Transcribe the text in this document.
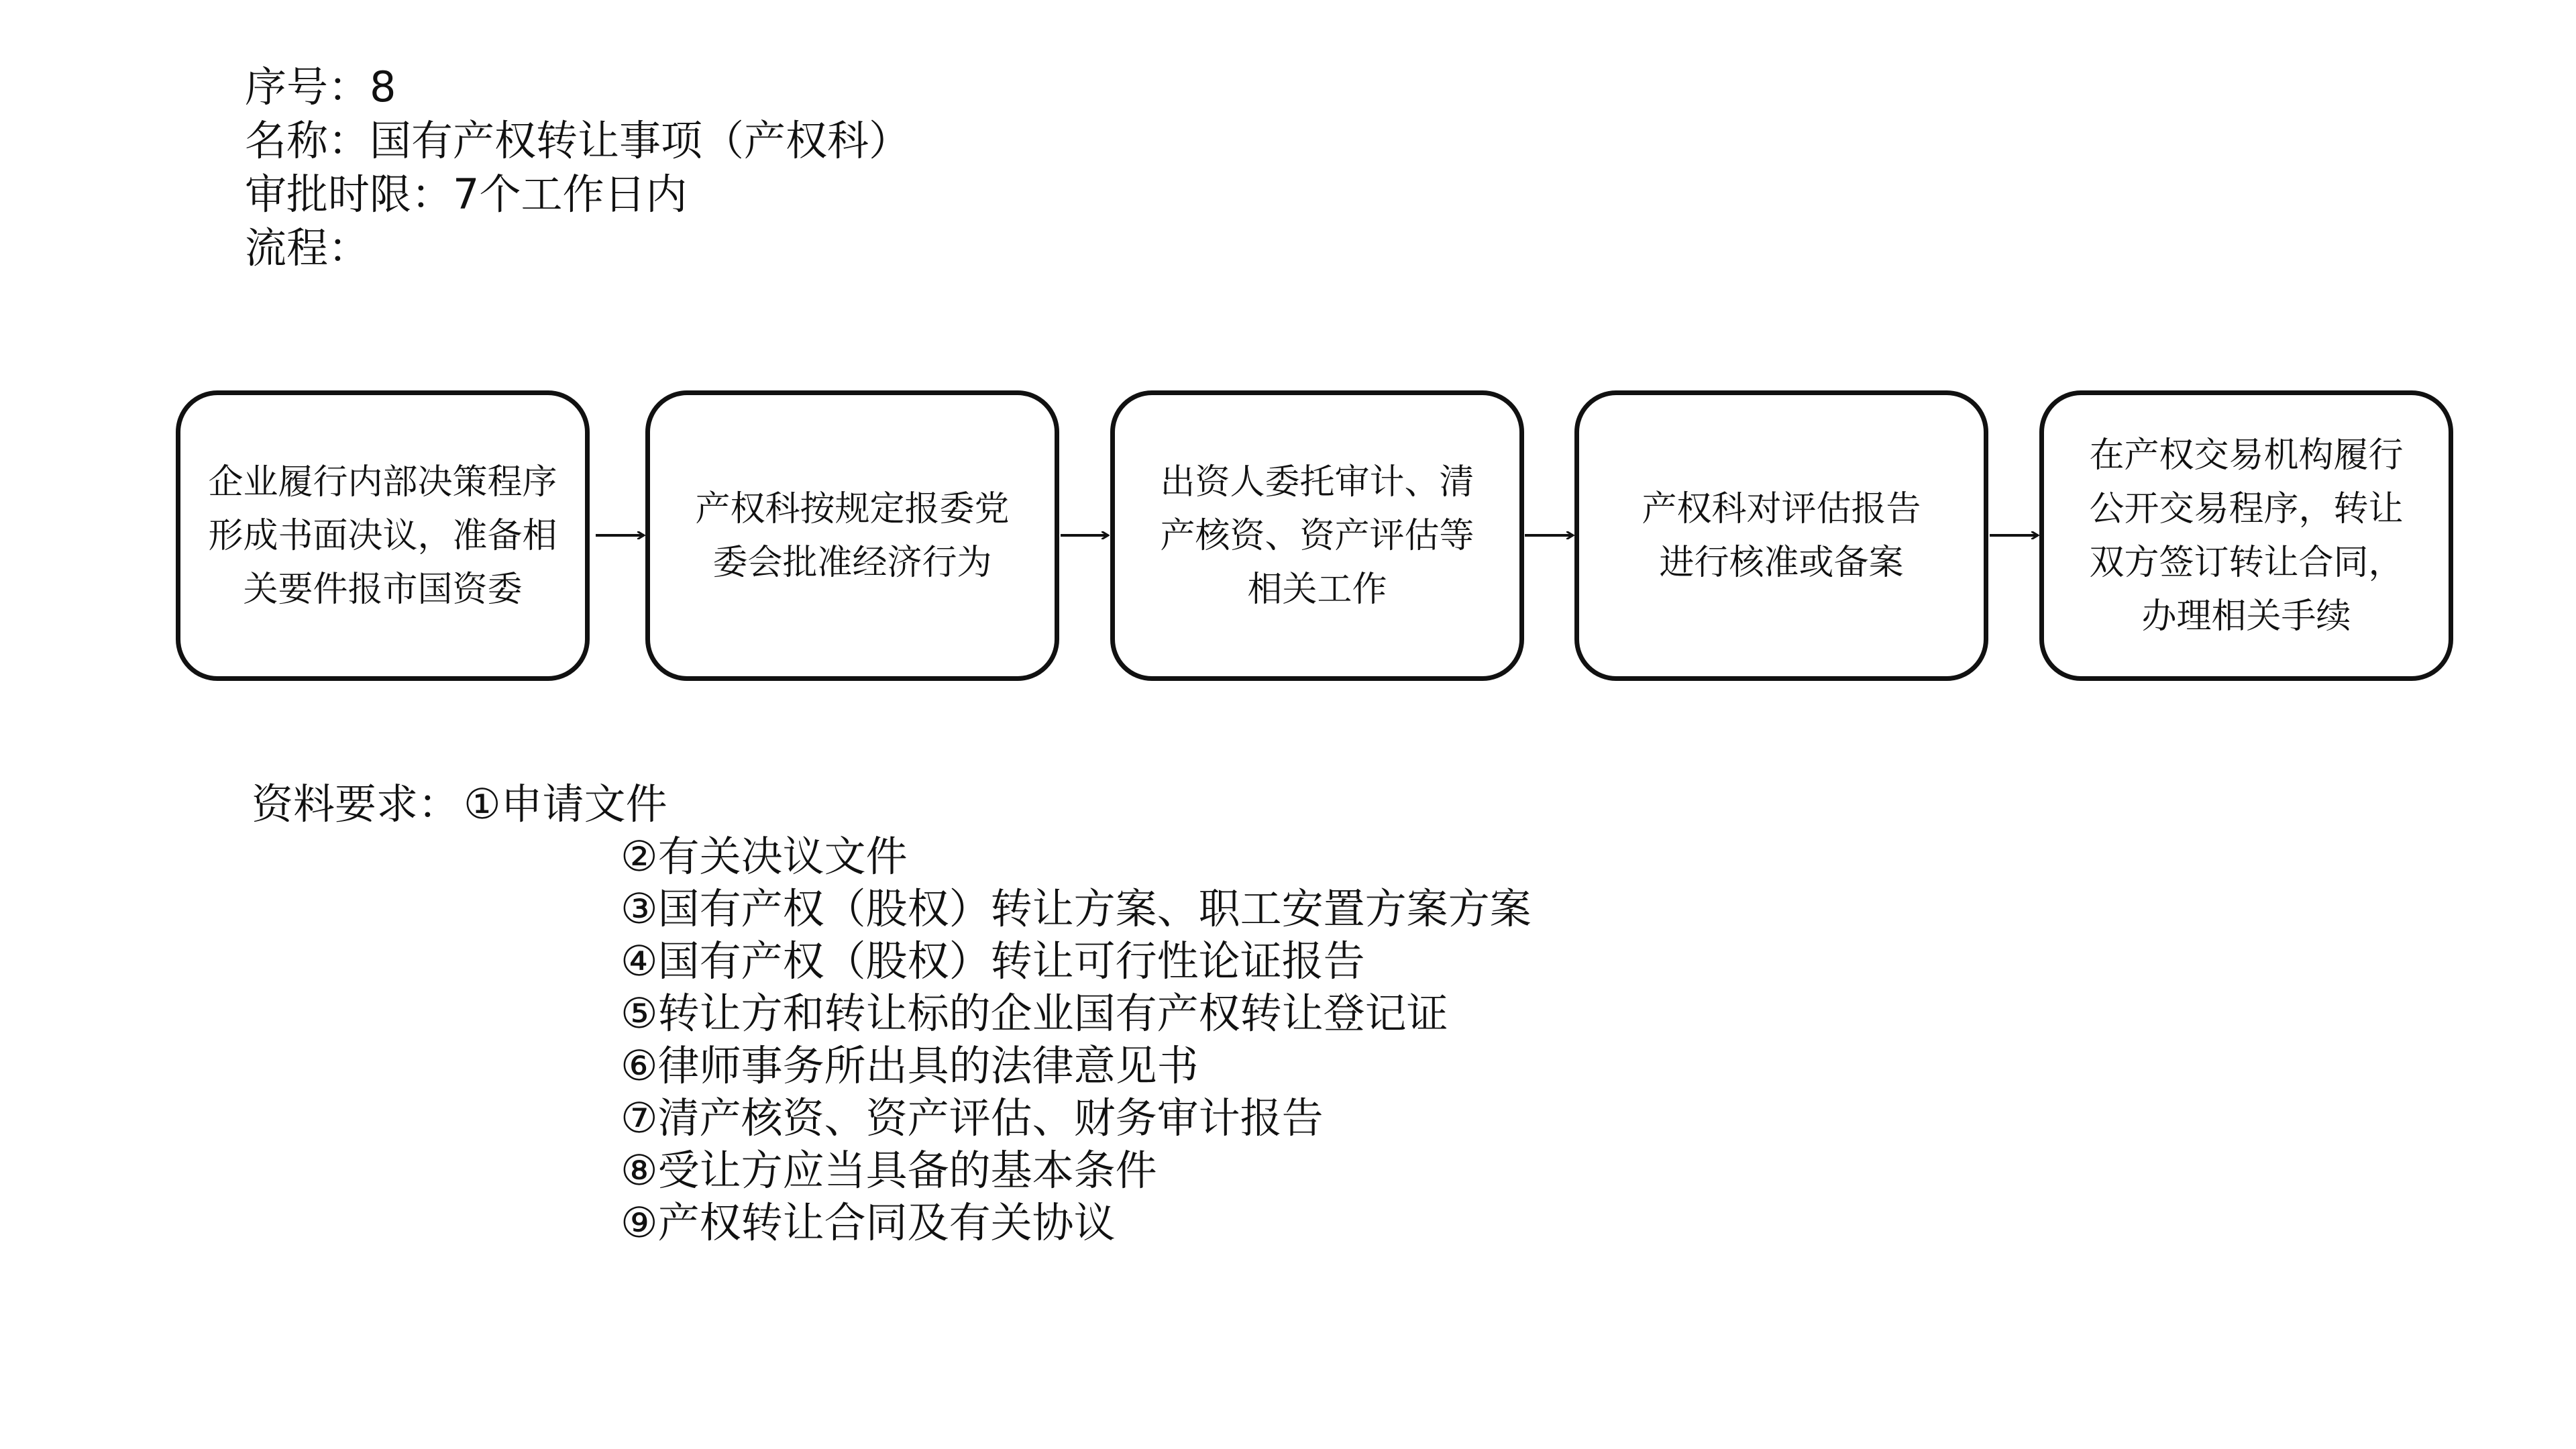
序号：8
名称：国有产权转让事项（产权科）
审批时限：7个工作日内
流程：
企业履行内部决策程序
形成书面决议，准备相
关要件报市国资委
产权科按规定报委党
委会批准经济行为
出资人委托审计、清
产核资、资产评估等
相关工作
产权科对评估报告
进行核准或备案
在产权交易机构履行
公开交易程序，转让
双方签订转让合同，
办理相关手续
资料要求： ①申请文件
②有关决议文件
③国有产权（股权）转让方案、职工安置方案方案
④国有产权（股权）转让可行性论证报告
⑤转让方和转让标的企业国有产权转让登记证
⑥律师事务所出具的法律意见书
⑦清产核资、资产评估、财务审计报告
⑧受让方应当具备的基本条件
⑨产权转让合同及有关协议
